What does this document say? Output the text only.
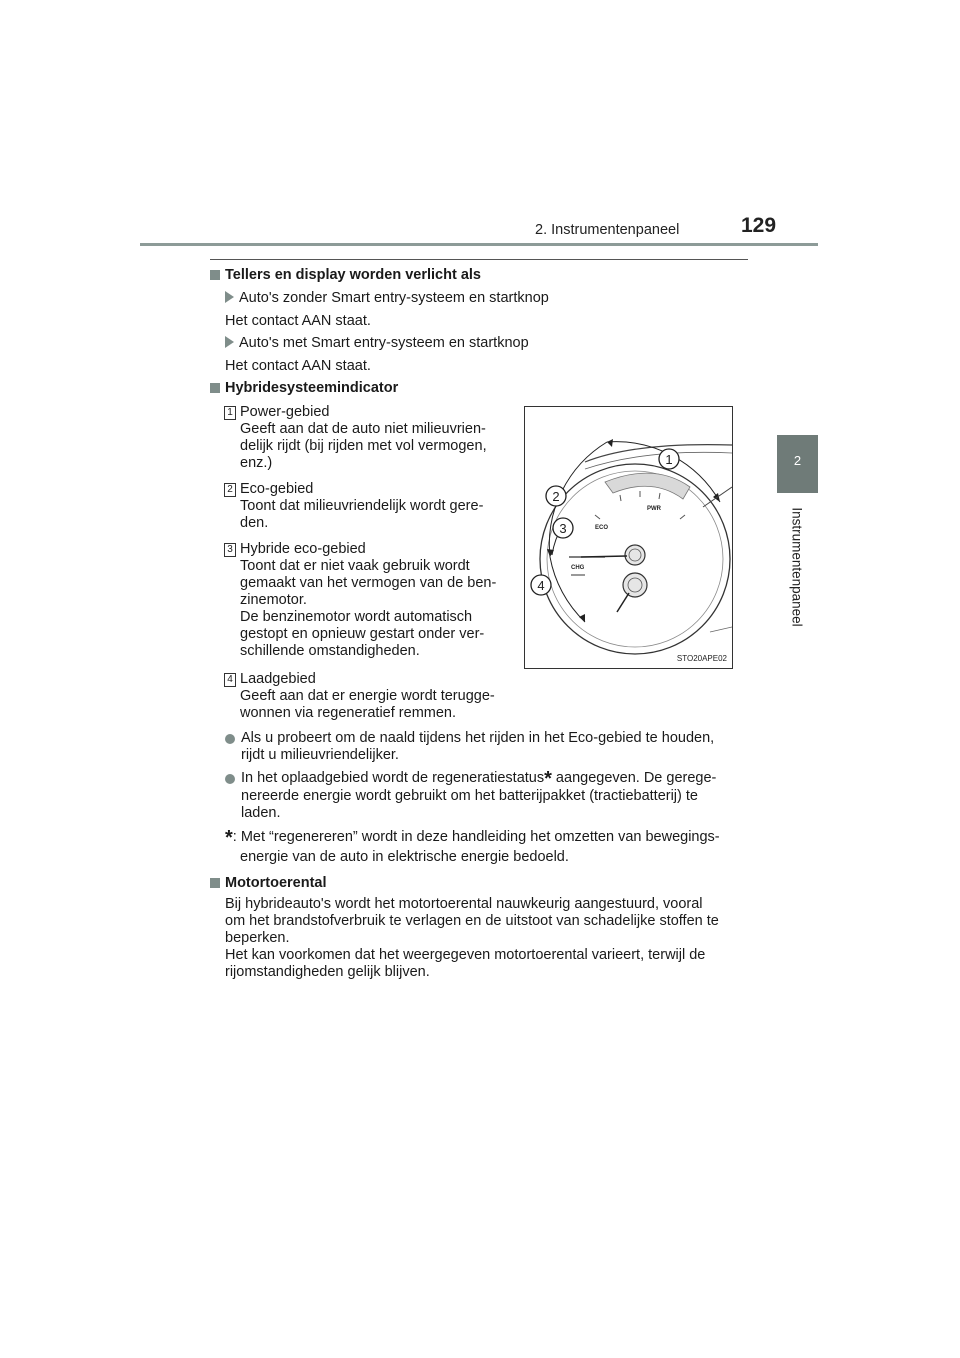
2. Instrumentenpaneel	129
2
Instrumentenpaneel
Tellers en display worden verlicht als
Auto's zonder Smart entry-systeem en startknop
Het contact AAN staat.
Auto's met Smart entry-systeem en startknop
Het contact AAN staat.
Hybridesysteemindicator
1 Power-gebied
Geeft aan dat de auto niet milieuvrien-
delijk rijdt (bij rijden met vol vermogen,
enz.)
2 Eco-gebied
Toont dat milieuvriendelijk wordt gere-
den.
3 Hybride eco-gebied
Toont dat er niet vaak gebruik wordt
gemaakt van het vermogen van de ben-
zinemotor.
De benzinemotor wordt automatisch
gestopt en opnieuw gestart onder ver-
schillende omstandigheden.
4 Laadgebied
Geeft aan dat er energie wordt terugge-
wonnen via regeneratief remmen.
PWR
ECO
CHG
1
2
3
4
STO20APE02
Als u probeert om de naald tijdens het rijden in het Eco-gebied te houden,
rijdt u milieuvriendelijker.
In het oplaadgebied wordt de regeneratiestatus* aangegeven. De gerege-
nereerde energie wordt gebruikt om het batterijpakket (tractiebatterij) te
laden.
*: Met “regenereren” wordt in deze handleiding het omzetten van bewegings-
energie van de auto in elektrische energie bedoeld.
Motortoerental
Bij hybrideauto's wordt het motortoerental nauwkeurig aangestuurd, vooral
om het brandstofverbruik te verlagen en de uitstoot van schadelijke stoffen te
beperken.
Het kan voorkomen dat het weergegeven motortoerental varieert, terwijl de
rijomstandigheden gelijk blijven.
